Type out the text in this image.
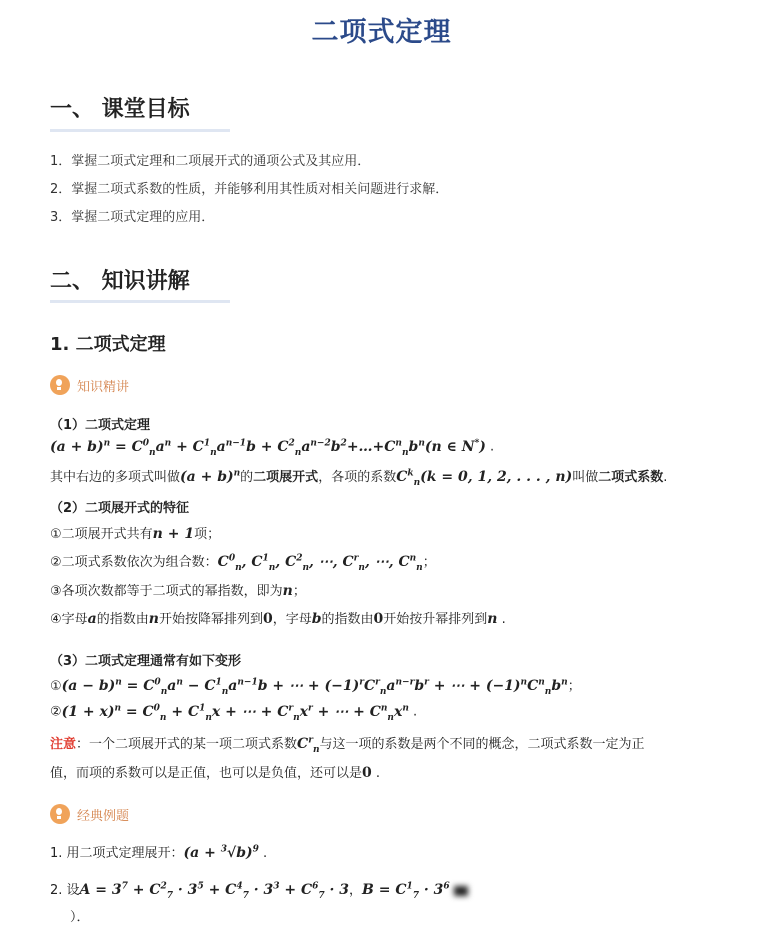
二项式定理
一、 课堂目标
1．掌握二项式定理和二项展开式的通项公式及其应用．
2．掌握二项式系数的性质，并能够利用其性质对相关问题进行求解．
3．掌握二项式定理的应用．
二、 知识讲解
1. 二项式定理
知识精讲
（1）二项式定理
$(a + b)^n = C^0_na^n + C^1_na^{n-1}b$ + $C^2_na^{n-2}b^2+\dots+C^n_nb^n(n$ ∈ N*) .
其中右边的多项式叫做$(a + b)^n$的二项展开式，各项的系数$C^k_n(k = 0$, 1, 2, . . . , n)叫做二项式系数.
（2）二项展开式的特征
①二项展开式共有n + 1项；
②二项式系数依次为组合数：$C^0_n$, $C^1_n$, $C^2_n$, ⋯, $C^r_n$, ⋯, $C^n_n$；
③各项次数都等于二项式的幂指数，即为n；
④字母a的指数由n开始按降幂排列到0，字母b的指数由0开始按升幂排列到n .
（3）二项式定理通常有如下变形
①(a − $b)^n = C^0_na^n - C^1_na^{n-1}b$ + ⋯ + $(-1)^rC^r_na^{n-r}b^r$ + ⋯ + $(-1)^nC^n_nb^n$；
②(1 + $x)^n = C^0_n + C^1_nx$ + ⋯ + $C^r_nx^r$ + ⋯ + $C^n_nx^n$ .
注意：一个二项展开式的某一项二项式系数$C^r_n$与这一项的系数是两个不同的概念，二项式系数一定为正
值，而项的系数可以是正值，也可以是负值，还可以是0 .
经典例题
1. 用二项式定理展开：$(a + ^3√b)^9$ .
2. 设$A = 3^7 + C^2_7 \cdot 3^5 + C^4_7 \cdot 3^3 + C^6_7 \cdot 3$，$B = C^1_7 \cdot 3^6$
）．
